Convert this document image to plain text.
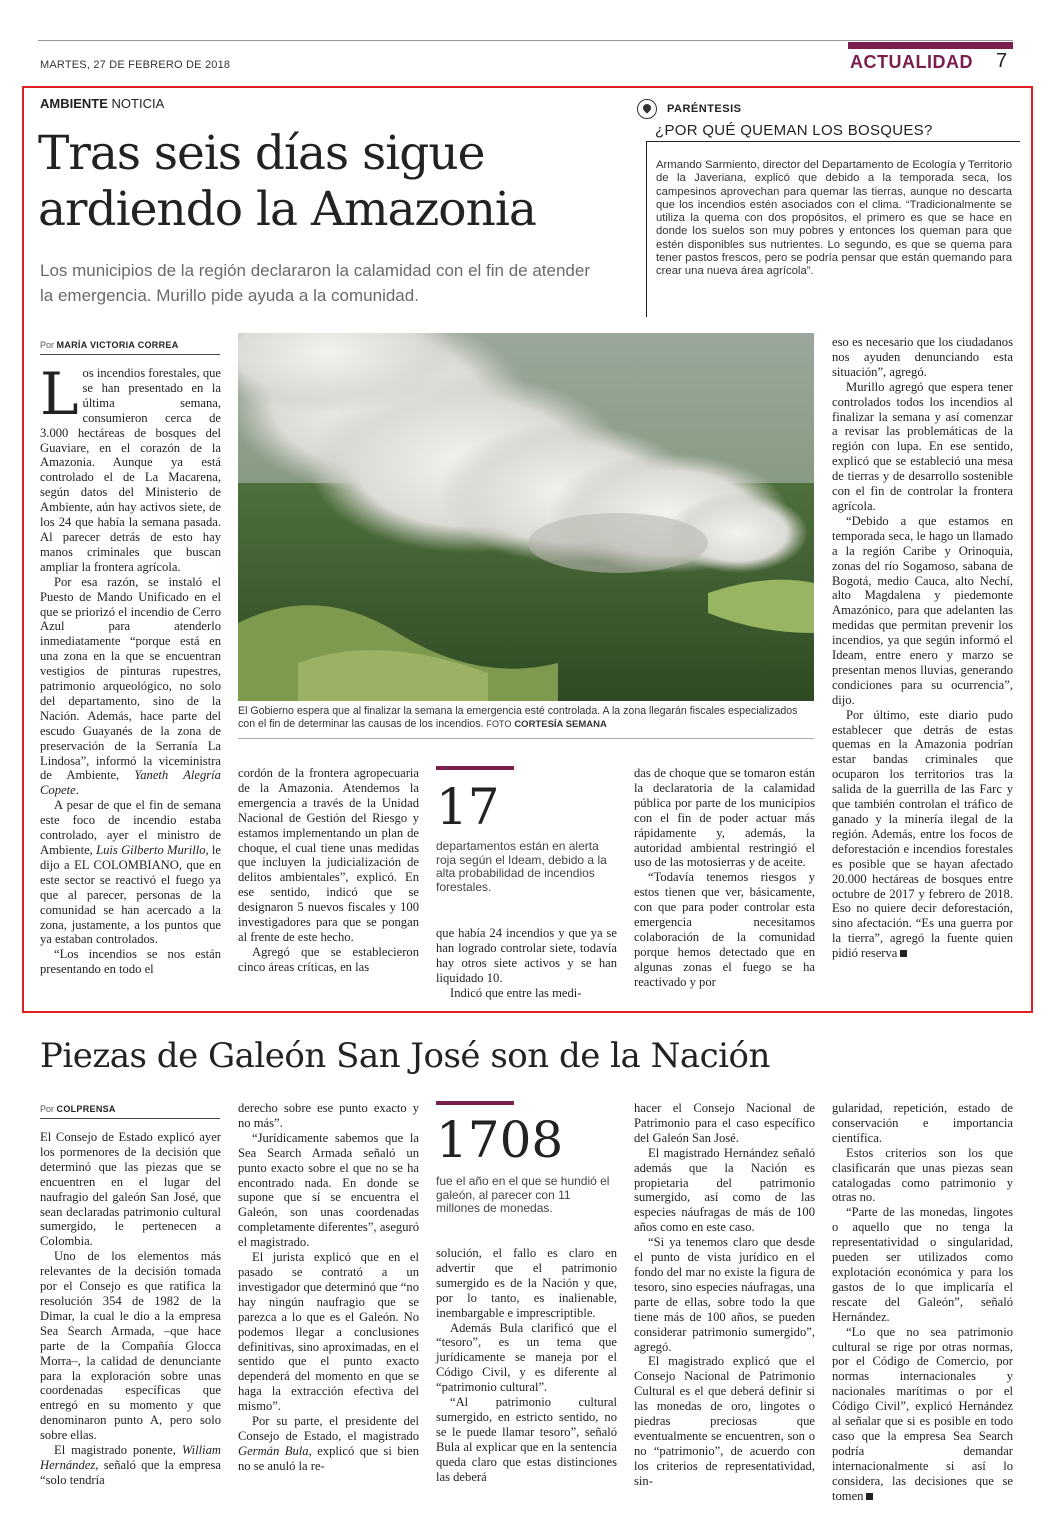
MARTES, 27 DE FEBRERO DE 2018	ACTUALIDAD 7
AMBIENTE NOTICIA
Tras seis días sigue ardiendo la Amazonia
Los municipios de la región declararon la calamidad con el fin de atender la emergencia. Murillo pide ayuda a la comunidad.
PARÉNTESIS
¿POR QUÉ QUEMAN LOS BOSQUES?
Armando Sarmiento, director del Departamento de Ecología y Territorio de la Javeriana, explicó que debido a la temporada seca, los campesinos aprovechan para quemar las tierras, aunque no descarta que los incendios estén asociados con el clima. “Tradicionalmente se utiliza la quema con dos propósitos, el primero es que se hace en donde los suelos son muy pobres y entonces los queman para que estén disponibles sus nutrientes. Lo segundo, es que se quema para tener pastos frescos, pero se podría pensar que están quemando para crear una nueva área agrícola”.
Por MARÍA VICTORIA CORREA

Los incendios forestales, que se han presentado en la última semana, consumieron cerca de 3.000 hectáreas de bosques del Guaviare, en el corazón de la Amazonia. Aunque ya está controlado el de La Macarena, según datos del Ministerio de Ambiente, aún hay activos siete, de los 24 que había la semana pasada. Al parecer detrás de esto hay manos criminales que buscan ampliar la frontera agrícola.

Por esa razón, se instaló el Puesto de Mando Unificado en el que se priorizó el incendio de Cerro Azul para atenderlo inmediatamente “porque está en una zona en la que se encuentran vestigios de pinturas rupestres, patrimonio arqueológico, no solo del departamento, sino de la Nación. Además, hace parte del escudo Guayanés de la zona de preservación de la Serranía La Lindosa”, informó la viceministra de Ambiente, Yaneth Alegría Copete.

A pesar de que el fin de semana este foco de incendio estaba controlado, ayer el ministro de Ambiente, Luis Gilberto Murillo, le dijo a EL COLOMBIANO, que en este sector se reactivó el fuego ya que al parecer, personas de la comunidad se han acercado a la zona, justamente, a los puntos que ya estaban controlados.

“Los incendios se nos están presentando en todo el

El Gobierno espera que al finalizar la semana la emergencia esté controlada. A la zona llegarán fiscales especializados con el fin de determinar las causas de los incendios. FOTO CORTESÍA SEMANA

cordón de la frontera agropecuaria de la Amazonia. Atendemos la emergencia a través de la Unidad Nacional de Gestión del Riesgo y estamos implementando un plan de choque, el cual tiene unas medidas que incluyen la judicialización de delitos ambientales”, explicó. En ese sentido, indicó que se designaron 5 nuevos fiscales y 100 investigadores para que se pongan al frente de este hecho.

Agregó que se establecieron cinco áreas críticas, en las

17
departamentos están en alerta roja según el Ideam, debido a la alta probabilidad de incendios forestales.

que había 24 incendios y que ya se han logrado controlar siete, todavía hay otros siete activos y se han liquidado 10.

Indicó que entre las medi-

das de choque que se tomaron están la declaratoria de la calamidad pública por parte de los municipios con el fin de poder actuar más rápidamente y, además, la autoridad ambiental restringió el uso de las motosierras y de aceite.

“Todavía tenemos riesgos y estos tienen que ver, básicamente, con que para poder controlar esta emergencia necesitamos colaboración de la comunidad porque hemos detectado que en algunas zonas el fuego se ha reactivado y por

eso es necesario que los ciudadanos nos ayuden denunciando esta situación”, agregó.

Murillo agregó que espera tener controlados todos los incendios al finalizar la semana y así comenzar a revisar las problemáticas de la región con lupa. En ese sentido, explicó que se estableció una mesa de tierras y de desarrollo sostenible con el fin de controlar la frontera agrícola.

“Debido a que estamos en temporada seca, le hago un llamado a la región Caribe y Orinoquia, zonas del río Sogamoso, sabana de Bogotá, medio Cauca, alto Nechí, alto Magdalena y piedemonte Amazónico, para que adelanten las medidas que permitan prevenir los incendios, ya que según informó el Ideam, entre enero y marzo se presentan menos lluvias, generando condiciones para su ocurrencia”, dijo.

Por último, este diario pudo establecer que detrás de estas quemas en la Amazonia podrían estar bandas criminales que ocuparon los territorios tras la salida de la guerrilla de las Farc y que también controlan el tráfico de ganado y la minería ilegal de la región. Además, entre los focos de deforestación e incendios forestales es posible que se hayan afectado 20.000 hectáreas de bosques entre octubre de 2017 y febrero de 2018. Eso no quiere decir deforestación, sino afectación. “Es una guerra por la tierra”, agregó la fuente quien pidió reserva

Piezas de Galeón San José son de la Nación
Por COLPRENSA

El Consejo de Estado explicó ayer los pormenores de la decisión que determinó que las piezas que se encuentren en el lugar del naufragio del galeón San José, que sean declaradas patrimonio cultural sumergido, le pertenecen a Colombia.

Uno de los elementos más relevantes de la decisión tomada por el Consejo es que ratifica la resolución 354 de 1982 de la Dimar, la cual le dio a la empresa Sea Search Armada, –que hace parte de la Compañía Glocca Morra–, la calidad de denunciante para la exploración sobre unas coordenadas específicas que entregó en su momento y que denominaron punto A, pero solo sobre ellas.

El magistrado ponente, William Hernández, señaló que la empresa “solo tendría

derecho sobre ese punto exacto y no más”.

“Jurídicamente sabemos que la Sea Search Armada señaló un punto exacto sobre el que no se ha encontrado nada. En donde se supone que sí se encuentra el Galeón, son unas coordenadas completamente diferentes”, aseguró el magistrado.

El jurista explicó que en el pasado se contrató a un investigador que determinó que “no hay ningún naufragio que se parezca a lo que es el Galeón. No podemos llegar a conclusiones definitivas, sino aproximadas, en el sentido que el punto exacto dependerá del momento en que se haga la extracción efectiva del mismo”.

Por su parte, el presidente del Consejo de Estado, el magistrado Germán Bula, explicó que si bien no se anuló la re-

1708
fue el año en el que se hundió el galeón, al parecer con 11 millones de monedas.

solución, el fallo es claro en advertir que el patrimonio sumergido es de la Nación y que, por lo tanto, es inalienable, inembargable e imprescriptible.

Además Bula clarificó que el “tesoro”, es un tema que jurídicamente se maneja por el Código Civil, y es diferente al “patrimonio cultural”.

“Al patrimonio cultural sumergido, en estricto sentido, no se le puede llamar tesoro”, señaló Bula al explicar que en la sentencia queda claro que estas distinciones las deberá

hacer el Consejo Nacional de Patrimonio para el caso específico del Galeón San José.

El magistrado Hernández señaló además que la Nación es propietaria del patrimonio sumergido, así como de las especies náufragas de más de 100 años como en este caso.

“Si ya tenemos claro que desde el punto de vista jurídico en el fondo del mar no existe la figura de tesoro, sino especies náufragas, una parte de ellas, sobre todo la que tiene más de 100 años, se pueden considerar patrimonio sumergido”, agregó.

El magistrado explicó que el Consejo Nacional de Patrimonio Cultural es el que deberá definir si las monedas de oro, lingotes o piedras preciosas que eventualmente se encuentren, son o no “patrimonio”, de acuerdo con los criterios de representatividad, sin-

gularidad, repetición, estado de conservación e importancia científica.

Estos criterios son los que clasificarán que unas piezas sean catalogadas como patrimonio y otras no.

“Parte de las monedas, lingotes o aquello que no tenga la representatividad o singularidad, pueden ser utilizados como explotación económica y para los gastos de lo que implicaría el rescate del Galeón”, señaló Hernández.

“Lo que no sea patrimonio cultural se rige por otras normas, por el Código de Comercio, por normas internacionales y nacionales marítimas o por el Código Civil”, explicó Hernández al señalar que si es posible en todo caso que la empresa Sea Search podría demandar internacionalmente si así lo considera, las decisiones que se tomen
